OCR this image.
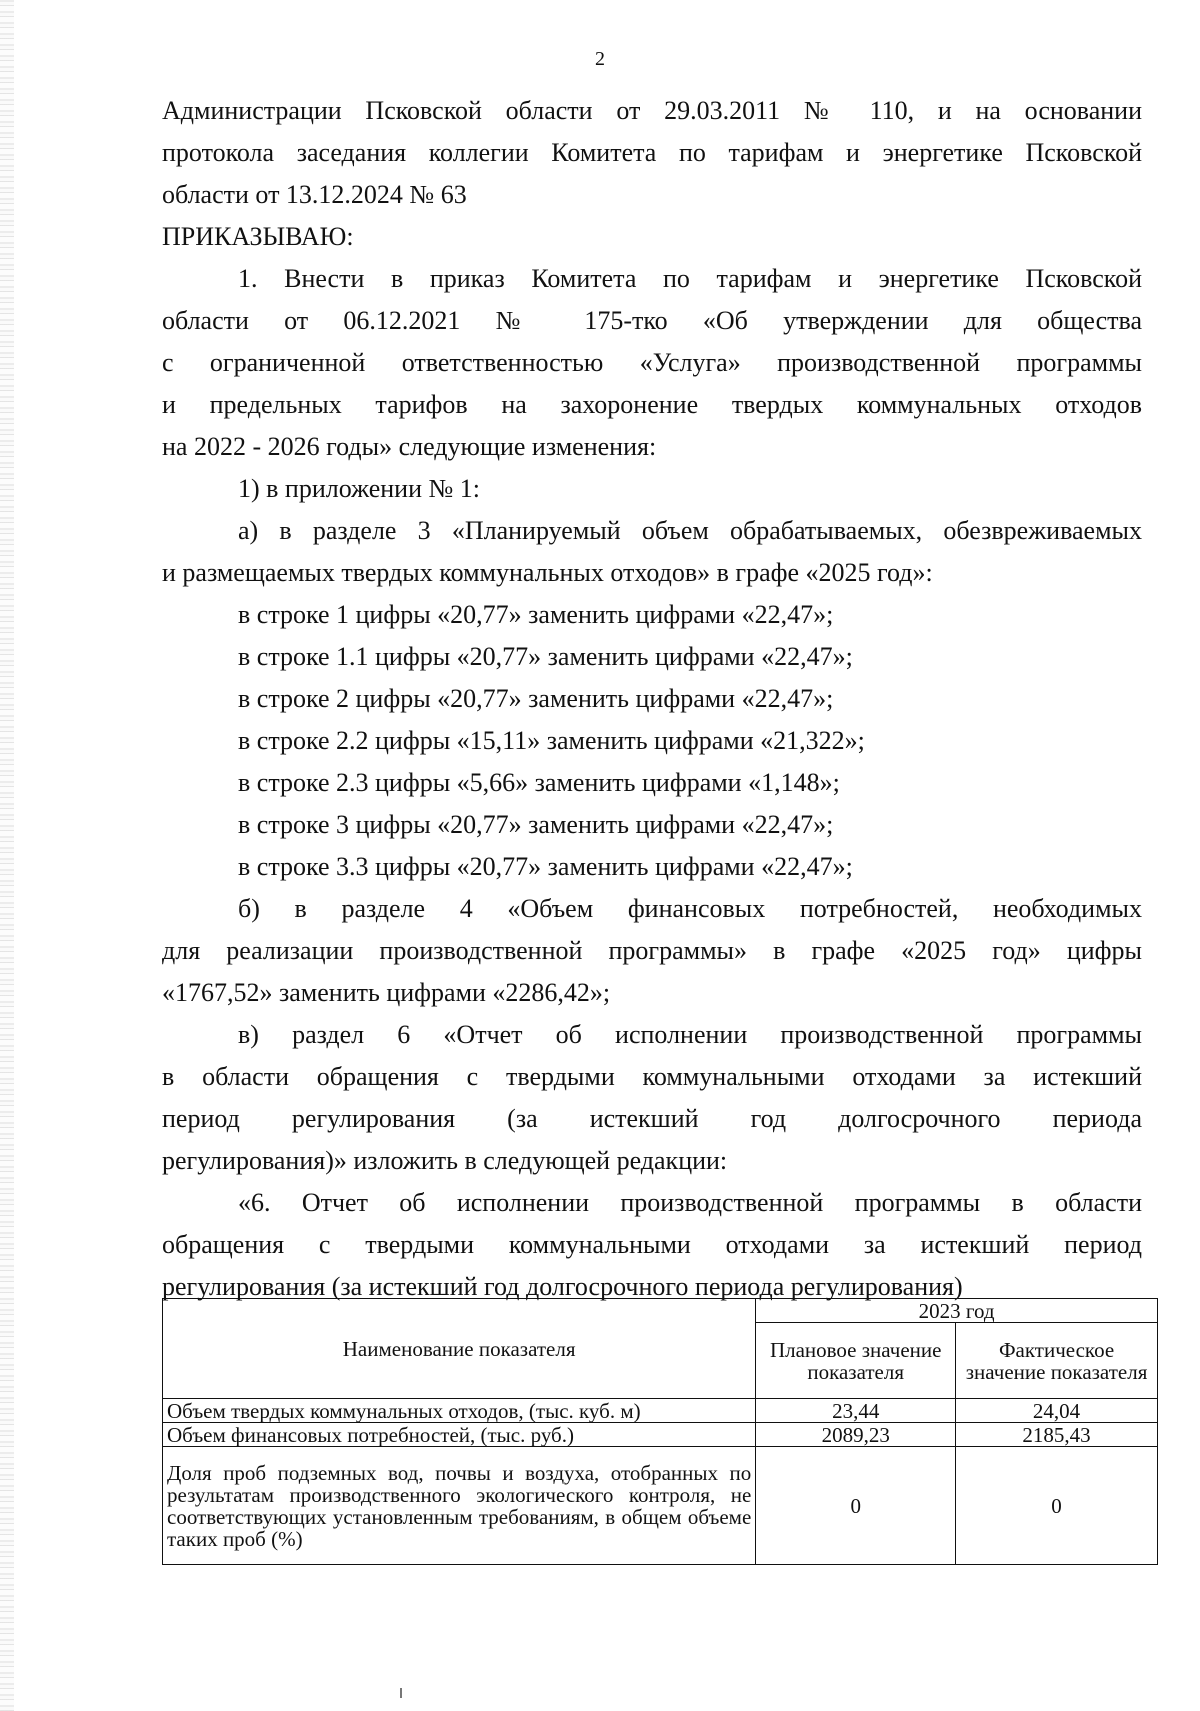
2

Администрации Псковской области от 29.03.2011 № 110, и на основании

протокола заседания коллегии Комитета по тарифам и энергетике Псковской

области от 13.12.2024 № 63

ПРИКАЗЫВАЮ:

1. Внести в приказ Комитета по тарифам и энергетике Псковской

области от 06.12.2021 № 175-тко «Об утверждении для общества

с ограниченной ответственностью «Услуга» производственной программы

и предельных тарифов на захоронение твердых коммунальных отходов

на 2022 - 2026 годы» следующие изменения:

1) в приложении № 1:

а) в разделе 3 «Планируемый объем обрабатываемых, обезвреживаемых

и размещаемых твердых коммунальных отходов» в графе «2025 год»:

в строке 1 цифры «20,77» заменить цифрами «22,47»;

в строке 1.1 цифры «20,77» заменить цифрами «22,47»;

в строке 2 цифры «20,77» заменить цифрами «22,47»;

в строке 2.2 цифры «15,11» заменить цифрами «21,322»;

в строке 2.3 цифры «5,66» заменить цифрами «1,148»;

в строке 3 цифры «20,77» заменить цифрами «22,47»;

в строке 3.3 цифры «20,77» заменить цифрами «22,47»;

б) в разделе 4 «Объем финансовых потребностей, необходимых

для реализации производственной программы» в графе «2025 год» цифры

«1767,52» заменить цифрами «2286,42»;

в) раздел 6 «Отчет об исполнении производственной программы

в области обращения с твердыми коммунальными отходами за истекший

период регулирования (за истекший год долгосрочного периода

регулирования)» изложить в следующей редакции:

«6. Отчет об исполнении производственной программы в области

обращения с твердыми коммунальными отходами за истекший период

регулирования (за истекший год долгосрочного периода регулирования)

Наименование показателя	2023 год	
	Плановое значение показателя	Фактическое значение показателя
Объем твердых коммунальных отходов, (тыс. куб. м)	23,44	24,04
Объем финансовых потребностей, (тыс. руб.)	2089,23	2185,43
Доля проб подземных вод, почвы и воздуха, отобранных по результатам производственного экологического контроля, не соответствующих установленным требованиям, в общем объеме таких проб (%)	0	0
